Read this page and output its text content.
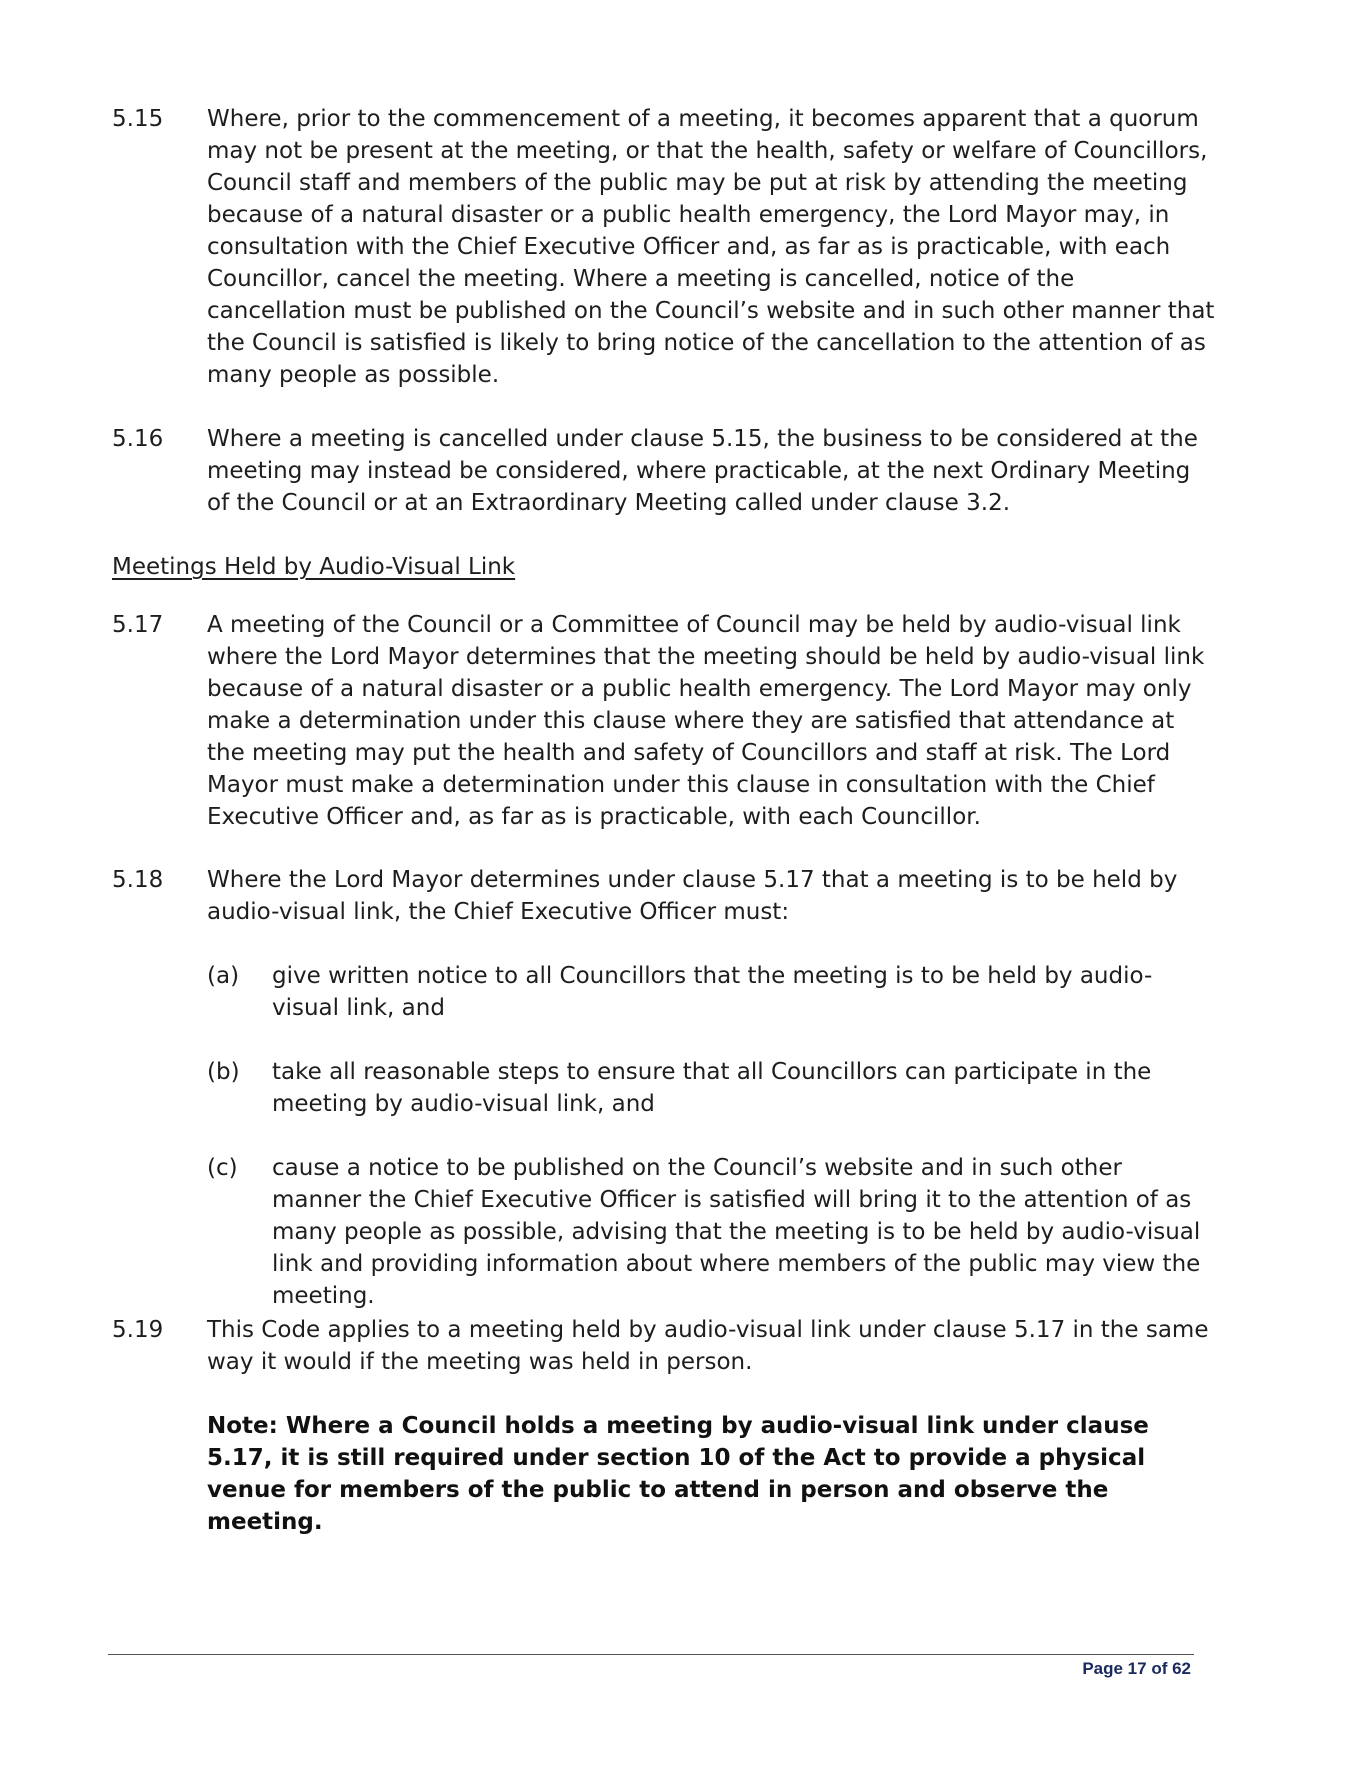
5.15	Where, prior to the commencement of a meeting, it becomes apparent that a quorum may not be present at the meeting, or that the health, safety or welfare of Councillors, Council staff and members of the public may be put at risk by attending the meeting because of a natural disaster or a public health emergency, the Lord Mayor may, in consultation with the Chief Executive Officer and, as far as is practicable, with each Councillor, cancel the meeting. Where a meeting is cancelled, notice of the cancellation must be published on the Council’s website and in such other manner that the Council is satisfied is likely to bring notice of the cancellation to the attention of as many people as possible.
5.16	Where a meeting is cancelled under clause 5.15, the business to be considered at the meeting may instead be considered, where practicable, at the next Ordinary Meeting of the Council or at an Extraordinary Meeting called under clause 3.2.
Meetings Held by Audio-Visual Link
5.17	A meeting of the Council or a Committee of Council may be held by audio-visual link where the Lord Mayor determines that the meeting should be held by audio-visual link because of a natural disaster or a public health emergency. The Lord Mayor may only make a determination under this clause where they are satisfied that attendance at the meeting may put the health and safety of Councillors and staff at risk. The Lord Mayor must make a determination under this clause in consultation with the Chief Executive Officer and, as far as is practicable, with each Councillor.
5.18	Where the Lord Mayor determines under clause 5.17 that a meeting is to be held by audio-visual link, the Chief Executive Officer must:
(a)	give written notice to all Councillors that the meeting is to be held by audio-visual link, and
(b)	take all reasonable steps to ensure that all Councillors can participate in the meeting by audio-visual link, and
(c)	cause a notice to be published on the Council’s website and in such other manner the Chief Executive Officer is satisfied will bring it to the attention of as many people as possible, advising that the meeting is to be held by audio-visual link and providing information about where members of the public may view the meeting.
5.19	This Code applies to a meeting held by audio-visual link under clause 5.17 in the same way it would if the meeting was held in person.
Note: Where a Council holds a meeting by audio-visual link under clause 5.17, it is still required under section 10 of the Act to provide a physical venue for members of the public to attend in person and observe the meeting.
Page 17 of 62
